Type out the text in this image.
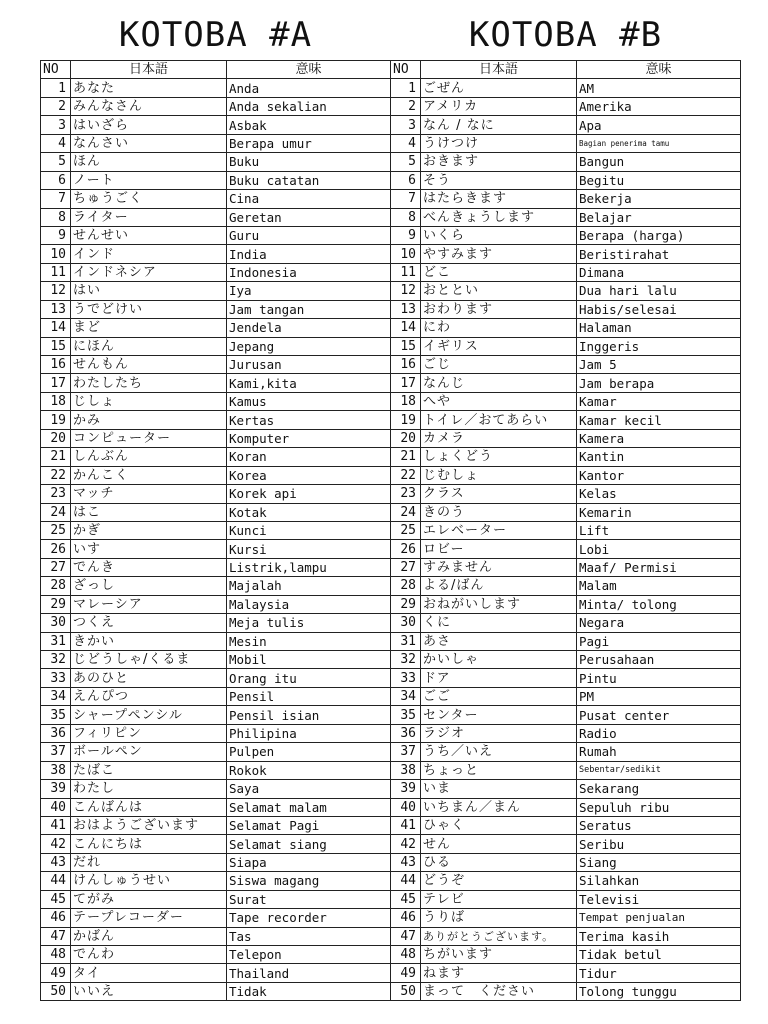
KOTOBA #A
NO	日本語	意味
1	あなた	Anda
2	みんなさん	Anda sekalian
3	はいざら	Asbak
4	なんさい	Berapa umur
5	ほん	Buku
6	ノート	Buku catatan
7	ちゅうごく	Cina
8	ライター	Geretan
9	せんせい	Guru
10	インド	India
11	インドネシア	Indonesia
12	はい	Iya
13	うでどけい	Jam tangan
14	まど	Jendela
15	にほん	Jepang
16	せんもん	Jurusan
17	わたしたち	Kami,kita
18	じしょ	Kamus
19	かみ	Kertas
20	コンピューター	Komputer
21	しんぶん	Koran
22	かんこく	Korea
23	マッチ	Korek api
24	はこ	Kotak
25	かぎ	Kunci
26	いす	Kursi
27	でんき	Listrik,lampu
28	ざっし	Majalah
29	マレーシア	Malaysia
30	つくえ	Meja tulis
31	きかい	Mesin
32	じどうしゃ/くるま	Mobil
33	あのひと	Orang itu
34	えんぴつ	Pensil
35	シャープペンシル	Pensil isian
36	フィリピン	Philipina
37	ボールペン	Pulpen
38	たばこ	Rokok
39	わたし	Saya
40	こんばんは	Selamat malam
41	おはようございます	Selamat Pagi
42	こんにちは	Selamat siang
43	だれ	Siapa
44	けんしゅうせい	Siswa magang
45	てがみ	Surat
46	テープレコーダー	Tape recorder
47	かばん	Tas
48	でんわ	Telepon
49	タイ	Thailand
50	いいえ	Tidak
KOTOBA #B
NO	日本語	意味
1	ごぜん	AM
2	アメリカ	Amerika
3	なん / なに	Apa
4	うけつけ	Bagian penerima tamu
5	おきます	Bangun
6	そう	Begitu
7	はたらきます	Bekerja
8	べんきょうします	Belajar
9	いくら	Berapa (harga)
10	やすみます	Beristirahat
11	どこ	Dimana
12	おととい	Dua hari lalu
13	おわります	Habis/selesai
14	にわ	Halaman
15	イギリス	Inggeris
16	ごじ	Jam 5
17	なんじ	Jam berapa
18	へや	Kamar
19	トイレ／おてあらい	Kamar kecil
20	カメラ	Kamera
21	しょくどう	Kantin
22	じむしょ	Kantor
23	クラス	Kelas
24	きのう	Kemarin
25	エレベーター	Lift
26	ロビー	Lobi
27	すみません	Maaf/ Permisi
28	よる/ばん	Malam
29	おねがいします	Minta/ tolong
30	くに	Negara
31	あさ	Pagi
32	かいしゃ	Perusahaan
33	ドア	Pintu
34	ごご	PM
35	センター	Pusat center
36	ラジオ	Radio
37	うち／いえ	Rumah
38	ちょっと	Sebentar/sedikit
39	いま	Sekarang
40	いちまん／まん	Sepuluh ribu
41	ひゃく	Seratus
42	せん	Seribu
43	ひる	Siang
44	どうぞ	Silahkan
45	テレビ	Televisi
46	うりば	Tempat penjualan
47	ありがとうございます。	Terima kasih
48	ちがいます	Tidak betul
49	ねます	Tidur
50	まって　ください	Tolong tunggu
